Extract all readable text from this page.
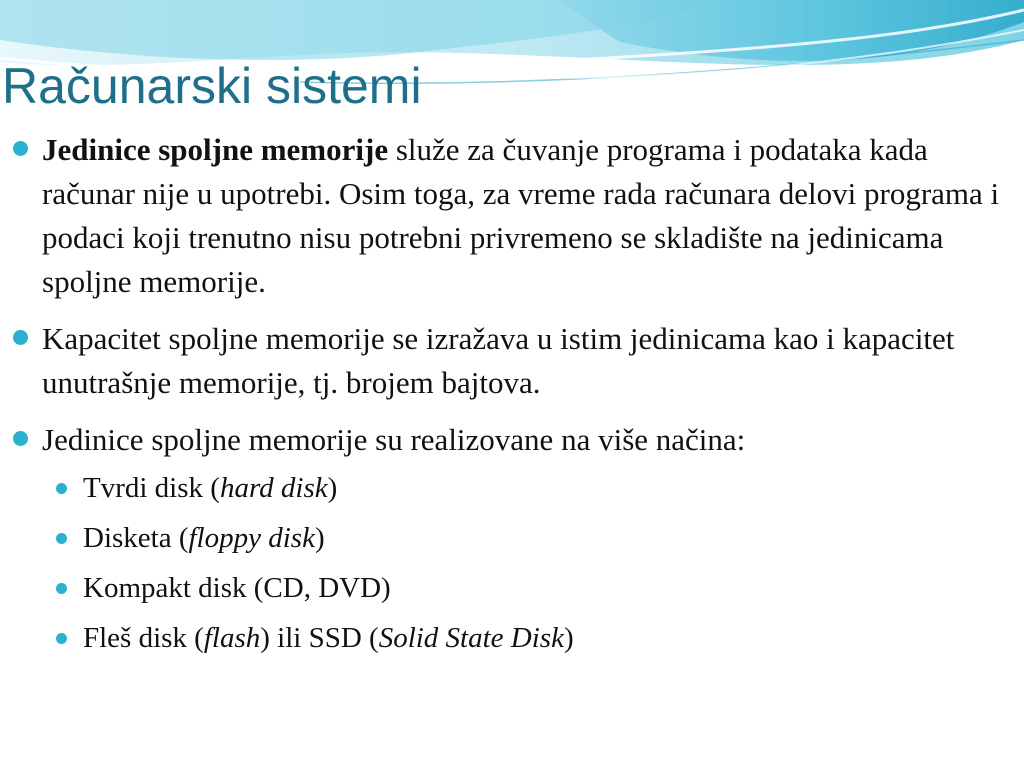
Računarski sistemi
Jedinice spoljne memorije služe za čuvanje programa i podataka kada računar nije u upotrebi. Osim toga, za vreme rada računara delovi programa i podaci koji trenutno nisu potrebni privremeno se skladište na jedinicama spoljne memorije.
Kapacitet spoljne memorije se izražava u istim jedinicama kao i kapacitet unutrašnje memorije, tj. brojem bajtova.
Jedinice spoljne memorije su realizovane na više načina:
Tvrdi disk (hard disk)
Disketa (floppy disk)
Kompakt disk (CD, DVD)
Fleš disk (flash) ili SSD (Solid State Disk)
